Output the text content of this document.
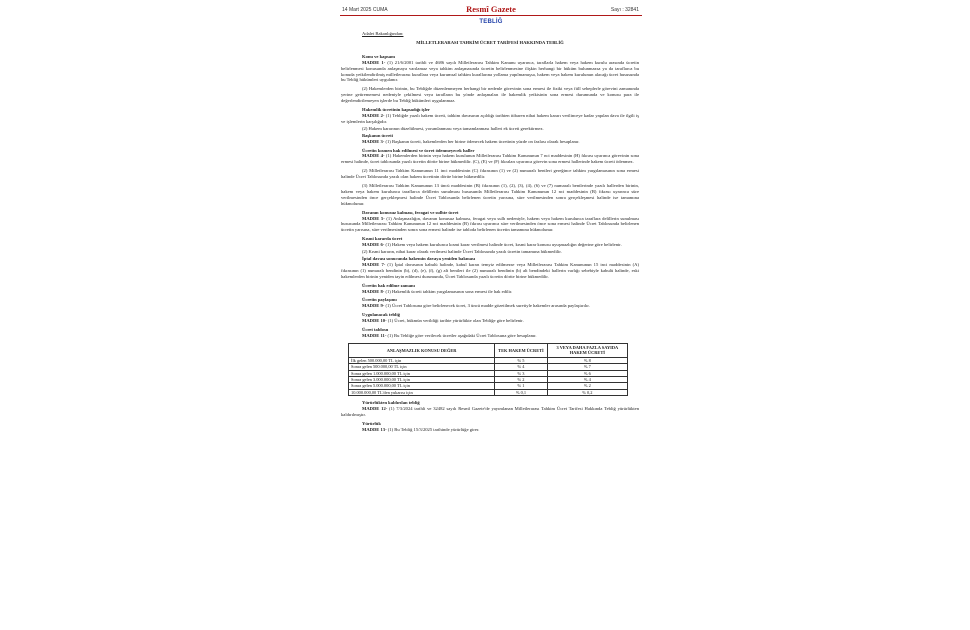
14 Mart 2025 CUMA	Resmî Gazete	Sayı : 32841
TEBLİĞ
Adalet Bakanlığından:
MİLLETLERARASI TAHKİM ÜCRET TARİFESİ HAKKINDA TEBLİĞ
Konu ve kapsam
MADDE 1- (1) 21/6/2001 tarihli ve 4686 sayılı Milletlerarası Tahkim Kanunu uyarınca, taraflarla hakem veya hakem kurulu arasında ücretin belirlenmesi konusunda anlaşmaya varılamaz veya tahkim anlaşmasında ücretin belirlenmesine ilişkin herhangi bir hüküm bulunmazsa ya da taraflarca bu konuda yetkilendirilmiş milletlerarası kurallara veya kurumsal tahkim kurallarına yollama yapılmamışsa, hakem veya hakem kurulunun alacağı ücret hususunda bu Tebliğ hükümleri uygulanır.
(2) Hakemlerden birinin, bu Tebliğde düzenlenmeyen herhangi bir nedenle görevinin sona ermesi ile fiziki veya fiilî sebeplerle görevini zamanında yerine getirememesi nedeniyle çekilmesi veya tarafların bu yönde anlaşmaları ile hakemlik yetkisinin sona ermesi durumunda ve konusu para ile değerlendirilemeyen işlerde bu Tebliğ hükümleri uygulanmaz.
Hakemlik ücretinin kapsadığı işler
MADDE 2- (1) Tebliğde yazılı hakem ücreti, tahkim davasının açıldığı tarihten itibaren nihai hakem kararı verilinceye kadar yapılan dava ile ilgili iş ve işlemlerin karşılığıdır.
(2) Hakem kararının düzeltilmesi, yorumlanması veya tamamlanması halleri ek ücreti gerektirmez.
Başkanın ücreti
MADDE 3- (1) Başkanın ücreti, hakemlerden her birine ödenecek hakem ücretinin yüzde on fazlası olarak hesaplanır.
Ücretin kısmen hak edilmesi ve ücret ödenmeyecek haller
MADDE 4- (1) Hakemlerden birinin veya hakem kurulunun Milletlerarası Tahkim Kanununun 7 nci maddesinin (H) fıkrası uyarınca görevinin sona ermesi halinde, ücret tablosunda yazılı ücretin dörtte birine hükmedilir. (C), (E) ve (F) fıkraları uyarınca görevin sona ermesi hallerinde hakem ücreti ödenmez.
(2) Milletlerarası Tahkim Kanununun 11 inci maddesinin (C) fıkrasının (1) ve (2) numaralı bentleri gereğince tahkim yargılamasının sona ermesi halinde Ücret Tablosunda yazılı olan hakem ücretinin dörtte birine hükmedilir.
(3) Milletlerarası Tahkim Kanununun 13 üncü maddesinin (B) fıkrasının (1), (2), (3), (4), (6) ve (7) numaralı bentlerinde yazılı hallerden birinin, hakem veya hakem kurulunca taraflarca delillerin sunulması hususunda Milletlerarası Tahkim Kanununun 12 nci maddesinin (B) fıkrası uyarınca süre verilmesinden önce gerçekleşmesi halinde Ücret Tablosunda belirlenen ücretin yarısına, süre verilmesinden sonra gerçekleşmesi halinde ise tamamına hükmolunur.
Davanın konusuz kalması, feragat ve sulhte ücret
MADDE 5- (1) Anlaşmazlığın, davanın konusuz kalması, feragat veya sulh nedeniyle, hakem veya hakem kurulunca taraflara delillerin sunulması hususunda Milletlerarası Tahkim Kanununun 12 nci maddesinin (B) fıkrası uyarınca süre verilmesinden önce sona ermesi halinde Ücret Tablosunda belirlenen ücretin yarısına, süre verilmesinden sonra sona ermesi halinde ise tabloda belirlenen ücretin tamamına hükmolunur.
Kısmi kararda ücret
MADDE 6- (1) Hakem veya hakem kurulunca kısmi karar verilmesi halinde ücret, kısmi karar konusu uyuşmazlığın değerine göre belirlenir.
(2) Kısmi kararın, nihai karar olarak verilmesi halinde Ücret Tablosunda yazılı ücretin tamamına hükmedilir.
İptal davası sonucunda hakemin davaya yeniden bakması
MADDE 7- (1) İptal davasının kabulü halinde, kabul kararı temyiz edilmezse veya Milletlerarası Tahkim Kanununun 15 inci maddesinin (A) fıkrasının (1) numaralı bendinin (b), (d), (e), (f), (g) alt bentleri ile (2) numaralı bendinin (b) alt bendindeki hallerin varlığı sebebiyle kabulü halinde, eski hakemlerden birinin yeniden tayin edilmesi durumunda, Ücret Tablosunda yazılı ücretin dörtte birine hükmedilir.
Ücretin hak edilme zamanı
MADDE 8- (1) Hakemlik ücreti tahkim yargılamasının sona ermesi ile hak edilir.
Ücretin paylaşımı
MADDE 9- (1) Ücret Tablosuna göre belirlenecek ücret, 3 üncü madde gözetilmek suretiyle hakemler arasında paylaştırılır.
Uygulanacak tebliğ
MADDE 10- (1) Ücret, hükmün verildiği tarihte yürürlükte olan Tebliğe göre belirlenir.
Ücret tablosu
MADDE 11- (1) Bu Tebliğe göre verilecek ücretler aşağıdaki Ücret Tablosuna göre hesaplanır.
ANLAŞMAZLIK KONUSU DEĞER	TEK HAKEM ÜCRETİ	3 VEYA DAHA FAZLA SAYIDA HAKEM ÜCRETİ
İlk gelen 500.000,00 TL için	% 5	% 8
Sonra gelen 500.000,00 TL için	% 4	% 7
Sonra gelen 1.000.000,00 TL için	% 3	% 6
Sonra gelen 3.000.000,00 TL için	% 2	% 4
Sonra gelen 5.000.000,00 TL için	% 1	% 2
10.000.000,00 TL'den yukarısı için	% 0,1	% 0,2
Yürürlükten kaldırılan tebliğ
MADDE 12- (1) 7/3/2024 tarihli ve 32482 sayılı Resmî Gazete'de yayımlanan Milletlerarası Tahkim Ücret Tarifesi Hakkında Tebliğ yürürlükten kaldırılmıştır.
Yürürlük
MADDE 13- (1) Bu Tebliğ 15/3/2025 tarihinde yürürlüğe girer.
